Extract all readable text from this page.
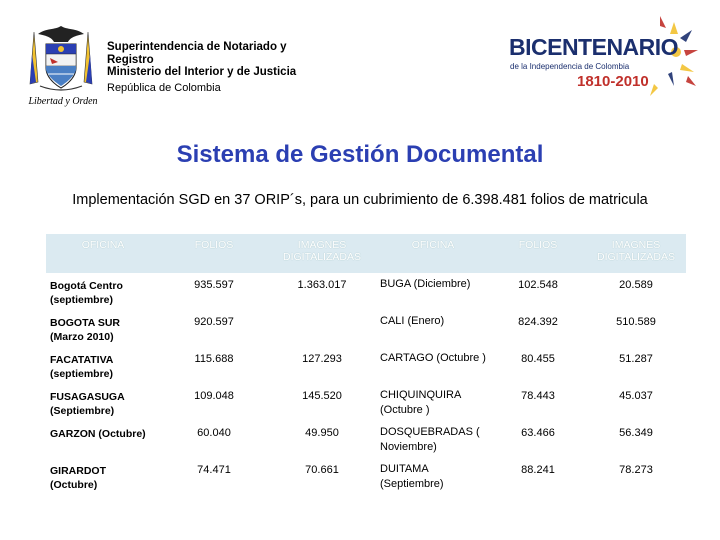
Libertad y Orden
Superintendencia de Notariado y
Registro
Ministerio del Interior y de Justicia
República de Colombia
BICENTENARIO
de la Independencia de Colombia
1810-2010
Sistema de Gestión Documental
Implementación SGD en 37 ORIP´s, para un cubrimiento de 6.398.481 folios de matricula
OFICINA	FOLIOS	IMAGNES DIGITALIZADAS	OFICINA	FOLIOS	IMAGNES DIGITALIZADAS
Bogotá Centro (septiembre)	935.597	1.363.017	BUGA (Diciembre)	102.548	20.589
BOGOTA SUR (Marzo 2010)	920.597		CALI (Enero)	824.392	510.589
FACATATIVA (septiembre)	115.688	127.293	CARTAGO (Octubre )	80.455	51.287
FUSAGASUGA (Septiembre)	109.048	145.520	CHIQUINQUIRA (Octubre )	78.443	45.037
GARZON (Octubre)	60.040	49.950	DOSQUEBRADAS ( Noviembre)	63.466	56.349
GIRARDOT (Octubre)	74.471	70.661	DUITAMA (Septiembre)	88.241	78.273
